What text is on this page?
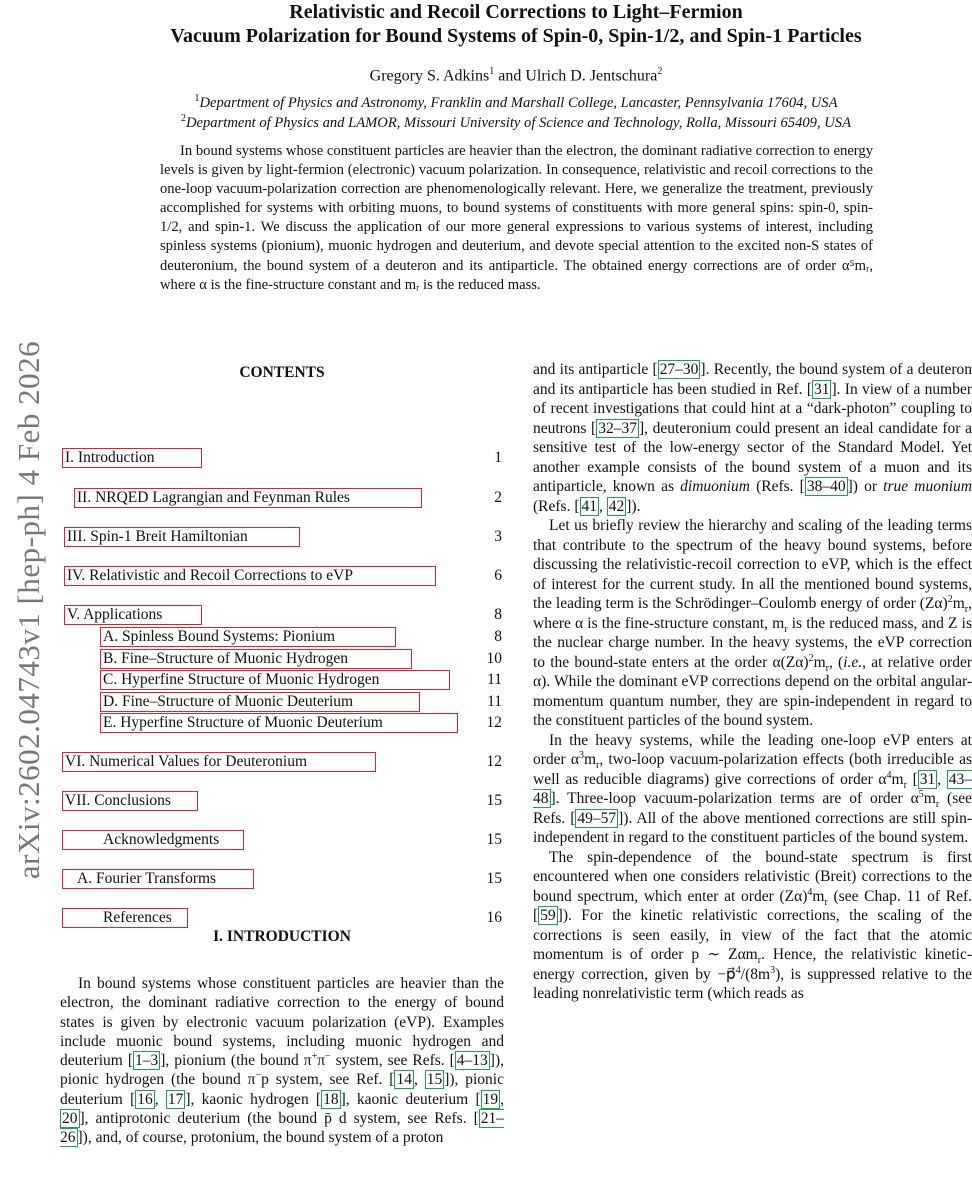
arXiv:2602.04743v1 [hep-ph] 4 Feb 2026
Relativistic and Recoil Corrections to Light–Fermion
Vacuum Polarization for Bound Systems of Spin-0, Spin-1/2, and Spin-1 Particles
Gregory S. Adkins$^1$ and Ulrich D. Jentschura$^2$
$^1$Department of Physics and Astronomy, Franklin and Marshall College, Lancaster, Pennsylvania 17604, USA
$^2$Department of Physics and LAMOR, Missouri University of Science and Technology, Rolla, Missouri 65409, USA
In bound systems whose constituent particles are heavier than the electron, the dominant radiative correction to energy levels is given by light-fermion (electronic) vacuum polarization. In consequence, relativistic and recoil corrections to the one-loop vacuum-polarization correction are phenomenologically relevant. Here, we generalize the treatment, previously accomplished for systems with orbiting muons, to bound systems of constituents with more general spins: spin-0, spin-1/2, and spin-1. We discuss the application of our more general expressions to various systems of interest, including spinless systems (pionium), muonic hydrogen and deuterium, and devote special attention to the excited non-S states of deuteronium, the bound system of a deuteron and its antiparticle. The obtained energy corrections are of order α⁵mᵣ, where α is the fine-structure constant and mᵣ is the reduced mass.
CONTENTS
I. Introduction	1
II. NRQED Lagrangian and Feynman Rules	2
III. Spin-1 Breit Hamiltonian	3
IV. Relativistic and Recoil Corrections to eVP	6
V. Applications	8
A. Spinless Bound Systems: Pionium	8
B. Fine–Structure of Muonic Hydrogen	10
C. Hyperfine Structure of Muonic Hydrogen	11
D. Fine–Structure of Muonic Deuterium	11
E. Hyperfine Structure of Muonic Deuterium	12
VI. Numerical Values for Deuteronium	12
VII. Conclusions	15
Acknowledgments	15
A. Fourier Transforms	15
References	16
I. INTRODUCTION
In bound systems whose constituent particles are heavier than the electron, the dominant radiative correction to the energy of bound states is given by electronic vacuum polarization (eVP). Examples include muonic bound systems, including muonic hydrogen and deuterium [ 1–3 ], pionium (the bound π+π− system, see Refs. [ 4–13 ]), pionic hydrogen (the bound π−p system, see Ref. [ 14 , 15 ]), pionic deuterium [ 16 , 17 ], kaonic hydrogen [ 18 ], kaonic deuterium [ 19 , 20 ], antiprotonic deuterium (the bound p̄ d system, see Refs. [ 21–26 ]), and, of course, protonium, the bound system of a proton

and its antiparticle [ 27–30 ]. Recently, the bound system of a deuteron and its antiparticle has been studied in Ref. [ 31 ]. In view of a number of recent investigations that could hint at a “dark-photon” coupling to neutrons [ 32–37 ], deuteronium could present an ideal candidate for a sensitive test of the low-energy sector of the Standard Model. Yet another example consists of the bound system of a muon and its antiparticle, known as dimuonium (Refs. [ 38–40 ]) or true muonium (Refs. [ 41 , 42 ]).

Let us briefly review the hierarchy and scaling of the leading terms that contribute to the spectrum of the heavy bound systems, before discussing the relativistic-recoil correction to eVP, which is the effect of interest for the current study. In all the mentioned bound systems, the leading term is the Schrödinger–Coulomb energy of order $(Z\alpha)^2m_r$, where α is the fine-structure constant, $m_r$ is the reduced mass, and Z is the nuclear charge number. In the heavy systems, the eVP correction to the bound-state enters at the order $\alpha(Z\alpha)^2m_r$, (i.e., at relative order α). While the dominant eVP corrections depend on the orbital angular-momentum quantum number, they are spin-independent in regard to the constituent particles of the bound system.

In the heavy systems, while the leading one-loop eVP enters at order $\alpha^3m_r$, two-loop vacuum-polarization effects (both irreducible as well as reducible diagrams) give corrections of order $\alpha^4m_r$ [ 31 , 43–48 ]. Three-loop vacuum-polarization terms are of order $\alpha^5m_r$ (see Refs. [ 49–57 ]). All of the above mentioned corrections are still spin-independent in regard to the constituent particles of the bound system.

The spin-dependence of the bound-state spectrum is first encountered when one considers relativistic (Breit) corrections to the bound spectrum, which enter at order $(Z\alpha)^4m_r$ (see Chap. 11 of Ref. [ 59 ]). For the kinetic relativistic corrections, the scaling of the corrections is seen easily, in view of the fact that the atomic momentum is of order p ∼ Zαm$_r$. Hence, the relativistic kinetic-energy correction, given by $-p⃗^4/(8m^3)$, is suppressed relative to the leading nonrelativistic term (which reads as
